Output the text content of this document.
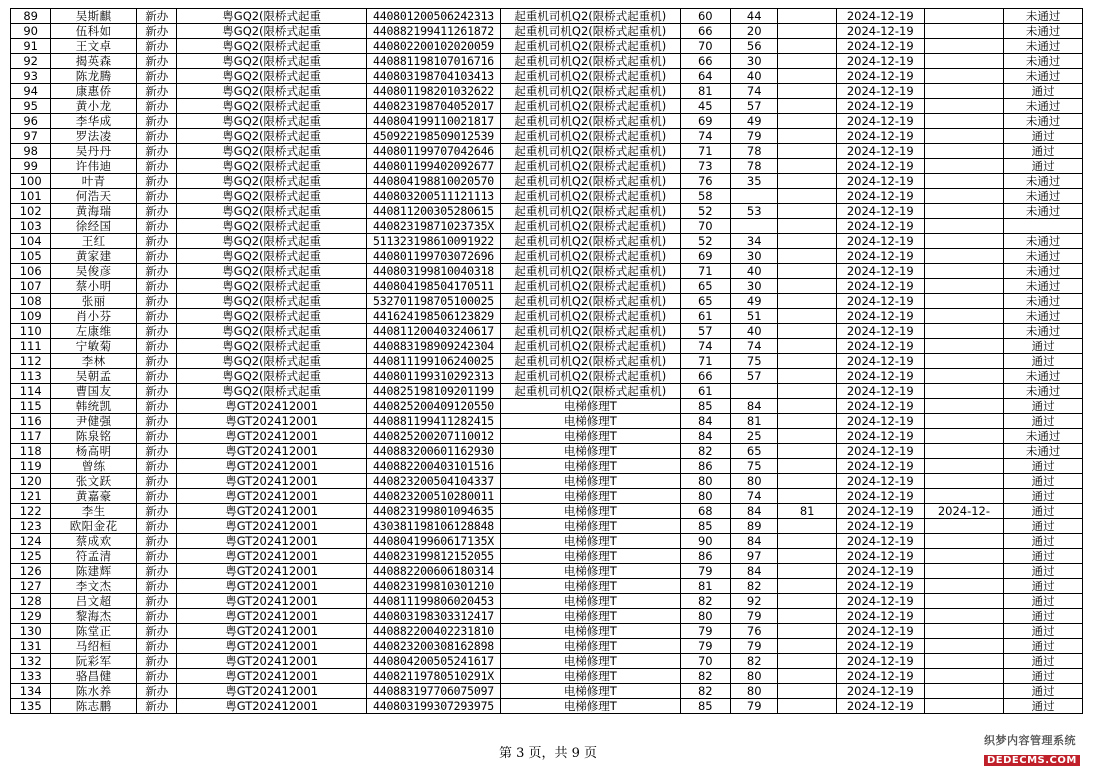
89	吴斯麒	新办	粤GQ2(限桥式起重	440801200506242313	起重机司机Q2(限桥式起重机)	60	44		2024-12-19		未通过
90	伍科如	新办	粤GQ2(限桥式起重	440882199411261872	起重机司机Q2(限桥式起重机)	66	20		2024-12-19		未通过
91	王文卓	新办	粤GQ2(限桥式起重	440802200102020059	起重机司机Q2(限桥式起重机)	70	56		2024-12-19		未通过
92	揭英森	新办	粤GQ2(限桥式起重	440881198107016716	起重机司机Q2(限桥式起重机)	66	30		2024-12-19		未通过
93	陈龙腾	新办	粤GQ2(限桥式起重	440803198704103413	起重机司机Q2(限桥式起重机)	64	40		2024-12-19		未通过
94	康惠侨	新办	粤GQ2(限桥式起重	440801198201032622	起重机司机Q2(限桥式起重机)	81	74		2024-12-19		通过
95	黄小龙	新办	粤GQ2(限桥式起重	440823198704052017	起重机司机Q2(限桥式起重机)	45	57		2024-12-19		未通过
96	李华成	新办	粤GQ2(限桥式起重	440804199110021817	起重机司机Q2(限桥式起重机)	69	49		2024-12-19		未通过
97	罗法凌	新办	粤GQ2(限桥式起重	450922198509012539	起重机司机Q2(限桥式起重机)	74	79		2024-12-19		通过
98	吴丹丹	新办	粤GQ2(限桥式起重	440801199707042646	起重机司机Q2(限桥式起重机)	71	78		2024-12-19		通过
99	许伟迪	新办	粤GQ2(限桥式起重	440801199402092677	起重机司机Q2(限桥式起重机)	73	78		2024-12-19		通过
100	叶青	新办	粤GQ2(限桥式起重	440804198810020570	起重机司机Q2(限桥式起重机)	76	35		2024-12-19		未通过
101	何浩天	新办	粤GQ2(限桥式起重	440803200511121113	起重机司机Q2(限桥式起重机)	58			2024-12-19		未通过
102	黄海瑞	新办	粤GQ2(限桥式起重	440811200305280615	起重机司机Q2(限桥式起重机)	52	53		2024-12-19		未通过
103	徐经国	新办	粤GQ2(限桥式起重	44082319871023735X	起重机司机Q2(限桥式起重机)	70			2024-12-19		
104	王红	新办	粤GQ2(限桥式起重	511323198610091922	起重机司机Q2(限桥式起重机)	52	34		2024-12-19		未通过
105	黄家建	新办	粤GQ2(限桥式起重	440801199703072696	起重机司机Q2(限桥式起重机)	69	30		2024-12-19		未通过
106	吴俊彦	新办	粤GQ2(限桥式起重	440803199810040318	起重机司机Q2(限桥式起重机)	71	40		2024-12-19		未通过
107	蔡小明	新办	粤GQ2(限桥式起重	440804198504170511	起重机司机Q2(限桥式起重机)	65	30		2024-12-19		未通过
108	张丽	新办	粤GQ2(限桥式起重	532701198705100025	起重机司机Q2(限桥式起重机)	65	49		2024-12-19		未通过
109	肖小芬	新办	粤GQ2(限桥式起重	441624198506123829	起重机司机Q2(限桥式起重机)	61	51		2024-12-19		未通过
110	左康维	新办	粤GQ2(限桥式起重	440811200403240617	起重机司机Q2(限桥式起重机)	57	40		2024-12-19		未通过
111	宁敏菊	新办	粤GQ2(限桥式起重	440883198909242304	起重机司机Q2(限桥式起重机)	74	74		2024-12-19		通过
112	李林	新办	粤GQ2(限桥式起重	440811199106240025	起重机司机Q2(限桥式起重机)	71	75		2024-12-19		通过
113	吴朝孟	新办	粤GQ2(限桥式起重	440801199310292313	起重机司机Q2(限桥式起重机)	66	57		2024-12-19		未通过
114	曹国友	新办	粤GQ2(限桥式起重	440825198109201199	起重机司机Q2(限桥式起重机)	61			2024-12-19		未通过
115	韩统凯	新办	粤GT202412001	440825200409120550	电梯修理T	85	84		2024-12-19		通过
116	尹健强	新办	粤GT202412001	440881199411282415	电梯修理T	84	81		2024-12-19		通过
117	陈泉铭	新办	粤GT202412001	440825200207110012	电梯修理T	84	25		2024-12-19		未通过
118	杨高明	新办	粤GT202412001	440883200601162930	电梯修理T	82	65		2024-12-19		未通过
119	曾练	新办	粤GT202412001	440882200403101516	电梯修理T	86	75		2024-12-19		通过
120	张文跃	新办	粤GT202412001	440823200504104337	电梯修理T	80	80		2024-12-19		通过
121	黄嘉豪	新办	粤GT202412001	440823200510280011	电梯修理T	80	74		2024-12-19		通过
122	李生	新办	粤GT202412001	440823199801094635	电梯修理T	68	84	81	2024-12-19	2024-12-	通过
123	欧阳金花	新办	粤GT202412001	430381198106128848	电梯修理T	85	89		2024-12-19		通过
124	蔡成欢	新办	粤GT202412001	44080419960617135X	电梯修理T	90	84		2024-12-19		通过
125	符孟清	新办	粤GT202412001	440823199812152055	电梯修理T	86	97		2024-12-19		通过
126	陈建辉	新办	粤GT202412001	440882200606180314	电梯修理T	79	84		2024-12-19		通过
127	李文杰	新办	粤GT202412001	440823199810301210	电梯修理T	81	82		2024-12-19		通过
128	吕文超	新办	粤GT202412001	440811199806020453	电梯修理T	82	92		2024-12-19		通过
129	黎海杰	新办	粤GT202412001	440803198303312417	电梯修理T	80	79		2024-12-19		通过
130	陈堂正	新办	粤GT202412001	440882200402231810	电梯修理T	79	76		2024-12-19		通过
131	马绍桓	新办	粤GT202412001	440823200308162898	电梯修理T	79	79		2024-12-19		通过
132	阮彩军	新办	粤GT202412001	440804200505241617	电梯修理T	70	82		2024-12-19		通过
133	骆昌健	新办	粤GT202412001	44082119780510291X	电梯修理T	82	80		2024-12-19		通过
134	陈水养	新办	粤GT202412001	440883197706075097	电梯修理T	82	80		2024-12-19		通过
135	陈志鹏	新办	粤GT202412001	440803199307293975	电梯修理T	85	79		2024-12-19		通过
第 3 页，共 9 页
织梦内容管理系统
DEDECMS.COM
